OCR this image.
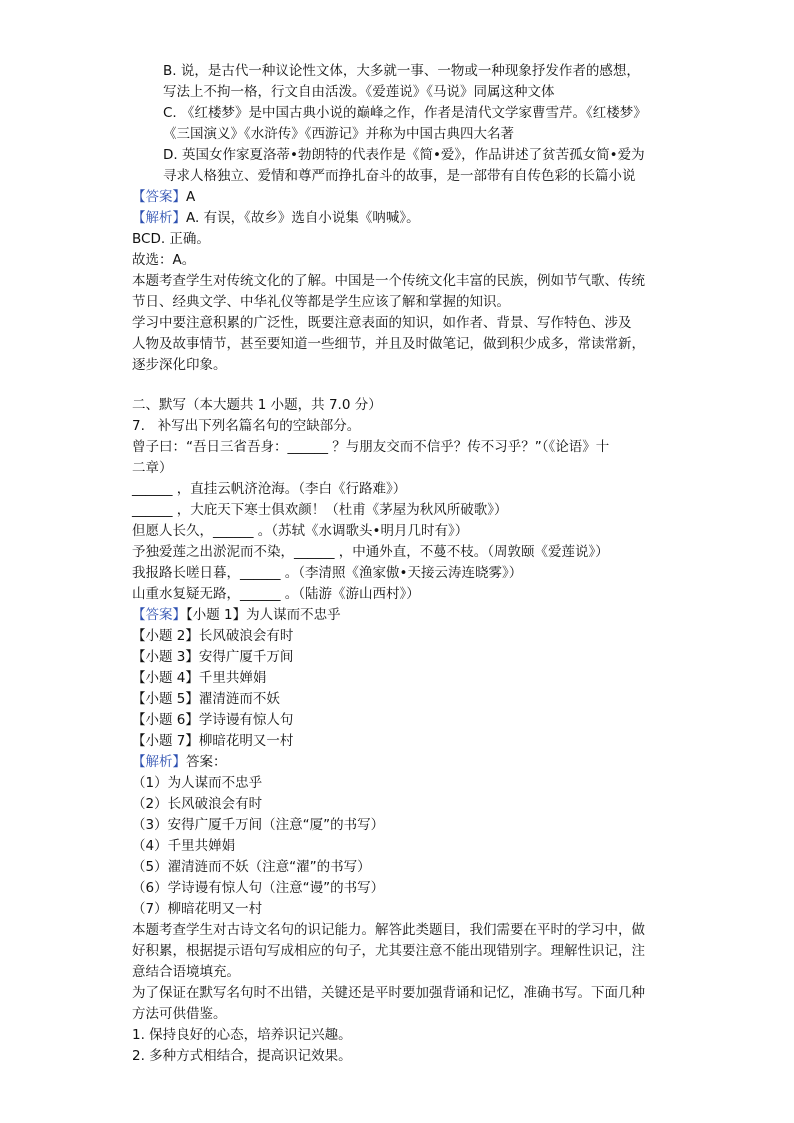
B. 说，是古代一种议论性文体，大多就一事、一物或一种现象抒发作者的感想，
写法上不拘一格，行文自由活泼。《爱莲说》《马说》同属这种文体
C. 《红楼梦》是中国古典小说的巅峰之作，作者是清代文学家曹雪芹。《红楼梦》
《三国演义》《水浒传》《西游记》并称为中国古典四大名著
D. 英国女作家夏洛蒂•勃朗特的代表作是《简•爱》，作品讲述了贫苦孤女简•爱为
寻求人格独立、爱情和尊严而挣扎奋斗的故事，是一部带有自传色彩的长篇小说
【答案】A
【解析】A. 有误，《故乡》选自小说集《呐喊》。
BCD. 正确。
故选：A。
本题考查学生对传统文化的了解。中国是一个传统文化丰富的民族，例如节气歌、传统
节日、经典文学、中华礼仪等都是学生应该了解和掌握的知识。
学习中要注意积累的广泛性，既要注意表面的知识，如作者、背景、写作特色、涉及
人物及故事情节，甚至要知道一些细节，并且及时做笔记，做到积少成多，常读常新，
逐步深化印象。
二、默写（本大题共 1 小题，共 7.0 分）
7. 补写出下列名篇名句的空缺部分。
曾子曰：“吾日三省吾身：______ ？与朋友交而不信乎？传不习乎？”（《论语》十
二章）
______ ，直挂云帆济沧海。（李白《行路难》）
______ ，大庇天下寒士俱欢颜！（杜甫《茅屋为秋风所破歌》）
但愿人长久，______ 。（苏轼《水调歌头•明月几时有》）
予独爱莲之出淤泥而不染，______ ，中通外直，不蔓不枝。（周敦颐《爱莲说》）
我报路长嗟日暮，______ 。（李清照《渔家傲•天接云涛连晓雾》）
山重水复疑无路，______ 。（陆游《游山西村》）
【答案】【小题 1】为人谋而不忠乎
【小题 2】长风破浪会有时
【小题 3】安得广厦千万间
【小题 4】千里共婵娟
【小题 5】濯清涟而不妖
【小题 6】学诗谩有惊人句
【小题 7】柳暗花明又一村
【解析】答案：
（1）为人谋而不忠乎
（2）长风破浪会有时
（3）安得广厦千万间（注意“厦”的书写）
（4）千里共婵娟
（5）濯清涟而不妖（注意“濯”的书写）
（6）学诗谩有惊人句（注意“谩”的书写）
（7）柳暗花明又一村
本题考查学生对古诗文名句的识记能力。解答此类题目，我们需要在平时的学习中，做
好积累，根据提示语句写成相应的句子，尤其要注意不能出现错别字。理解性识记，注
意结合语境填充。
为了保证在默写名句时不出错，关键还是平时要加强背诵和记忆，准确书写。下面几种
方法可供借鉴。
1. 保持良好的心态，培养识记兴趣。
2. 多种方式相结合，提高识记效果。
